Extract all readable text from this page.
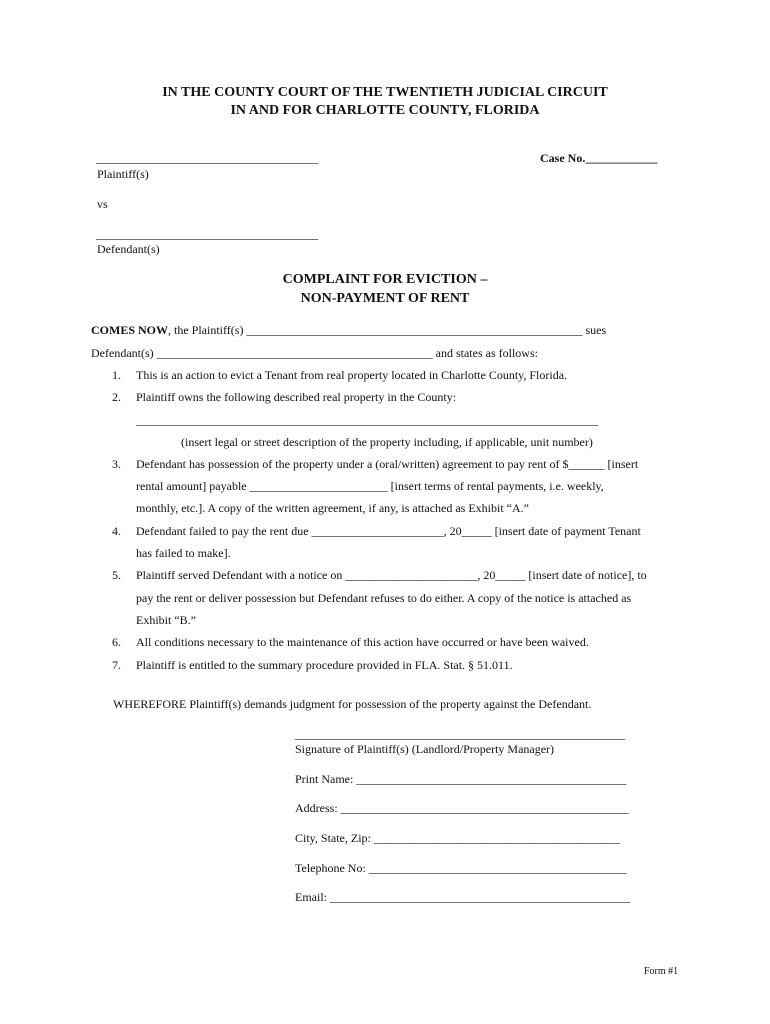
IN THE COUNTY COURT OF THE TWENTIETH JUDICIAL CIRCUIT
IN AND FOR CHARLOTTE COUNTY, FLORIDA
_____________________________________
Plaintiff(s)
Case No.____________
vs
_____________________________________
Defendant(s)
COMPLAINT FOR EVICTION –
NON-PAYMENT OF RENT
COMES NOW, the Plaintiff(s) ________________________________________________________ sues
Defendant(s) ______________________________________________ and states as follows:
1. This is an action to evict a Tenant from real property located in Charlotte County, Florida.
2. Plaintiff owns the following described real property in the County:
_____________________________________________________________________________
(insert legal or street description of the property including, if applicable, unit number)
3. Defendant has possession of the property under a (oral/written) agreement to pay rent of $______ [insert
rental amount] payable _______________________ [insert terms of rental payments, i.e. weekly,
monthly, etc.]. A copy of the written agreement, if any, is attached as Exhibit “A.”
4. Defendant failed to pay the rent due ______________________, 20_____ [insert date of payment Tenant
has failed to make].
5. Plaintiff served Defendant with a notice on ______________________, 20_____ [insert date of notice], to
pay the rent or deliver possession but Defendant refuses to do either. A copy of the notice is attached as
Exhibit “B.”
6. All conditions necessary to the maintenance of this action have occurred or have been waived.
7. Plaintiff is entitled to the summary procedure provided in FLA. Stat. § 51.011.
WHEREFORE Plaintiff(s) demands judgment for possession of the property against the Defendant.
_______________________________________________________
Signature of Plaintiff(s) (Landlord/Property Manager)
Print Name: _____________________________________________
Address: ________________________________________________
City, State, Zip: _________________________________________
Telephone No: ___________________________________________
Email: __________________________________________________
Form #1
